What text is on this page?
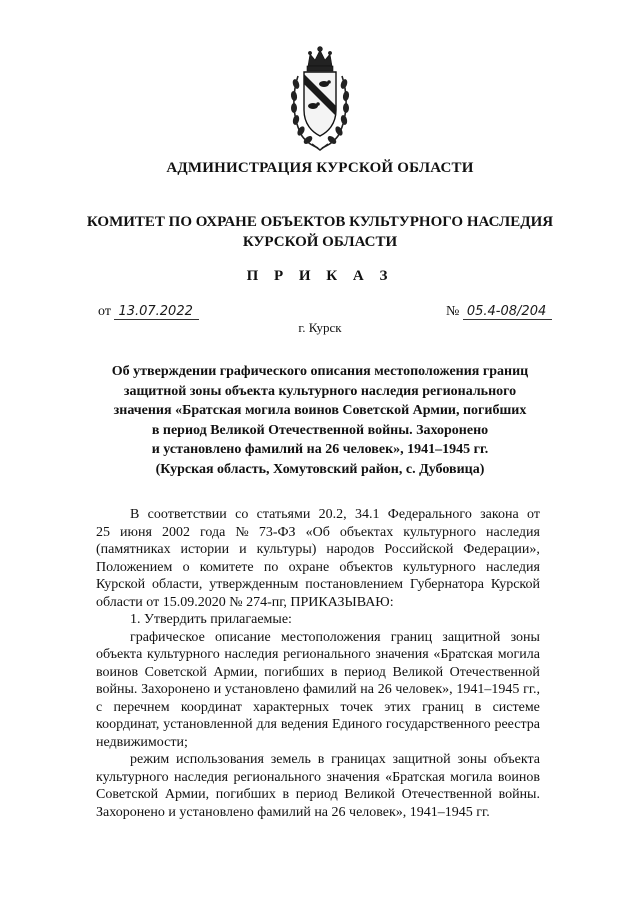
АДМИНИСТРАЦИЯ КУРСКОЙ ОБЛАСТИ
КОМИТЕТ ПО ОХРАНЕ ОБЪЕКТОВ КУЛЬТУРНОГО НАСЛЕДИЯ
КУРСКОЙ ОБЛАСТИ
П Р И К А З
от 13.07.2022	№ 05.4-08/204
г. Курск
Об утверждении графического описания местоположения границ
защитной зоны объекта культурного наследия регионального
значения «Братская могила воинов Советской Армии, погибших
в период Великой Отечественной войны. Захоронено
и установлено фамилий на 26 человек», 1941–1945 гг.
(Курская область, Хомутовский район, с. Дубовица)
В соответствии со статьями 20.2, 34.1 Федерального закона от
25 июня 2002 года № 73-ФЗ «Об объектах культурного наследия
(памятниках истории и культуры) народов Российской Федерации»,
Положением о комитете по охране объектов культурного наследия
Курской области, утвержденным постановлением Губернатора Курской
области от 15.09.2020 № 274-пг, ПРИКАЗЫВАЮ:
1. Утвердить прилагаемые:
графическое описание местоположения границ защитной зоны
объекта культурного наследия регионального значения «Братская могила
воинов Советской Армии, погибших в период Великой Отечественной
войны. Захоронено и установлено фамилий на 26 человек», 1941–1945 гг.,
с перечнем координат характерных точек этих границ в системе
координат, установленной для ведения Единого государственного реестра
недвижимости;
режим использования земель в границах защитной зоны объекта
культурного наследия регионального значения «Братская могила воинов
Советской Армии, погибших в период Великой Отечественной войны.
Захоронено и установлено фамилий на 26 человек», 1941–1945 гг.
